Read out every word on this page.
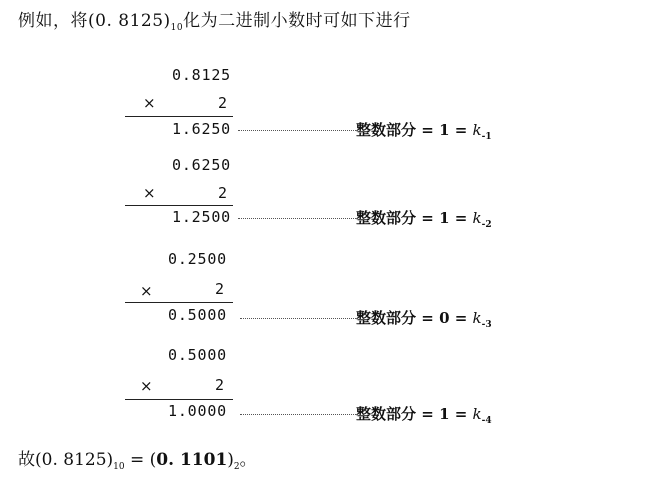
例如，将(0. $8125)_{10}$化为二进制小数时可如下进行
0.8125
×	2
1.6250	整数部分 = $1 = k_{-1}$
0.6250
×	2
1.2500	整数部分 = $1 = k_{-2}$
0.2500
×	2
0.5000	整数部分 = $0 = k_{-3}$
0.5000
×	2
1.0000	整数部分 = $1 = k_{-4}$
故(0. $8125)_{10} = (0$. $1101)_2$。
